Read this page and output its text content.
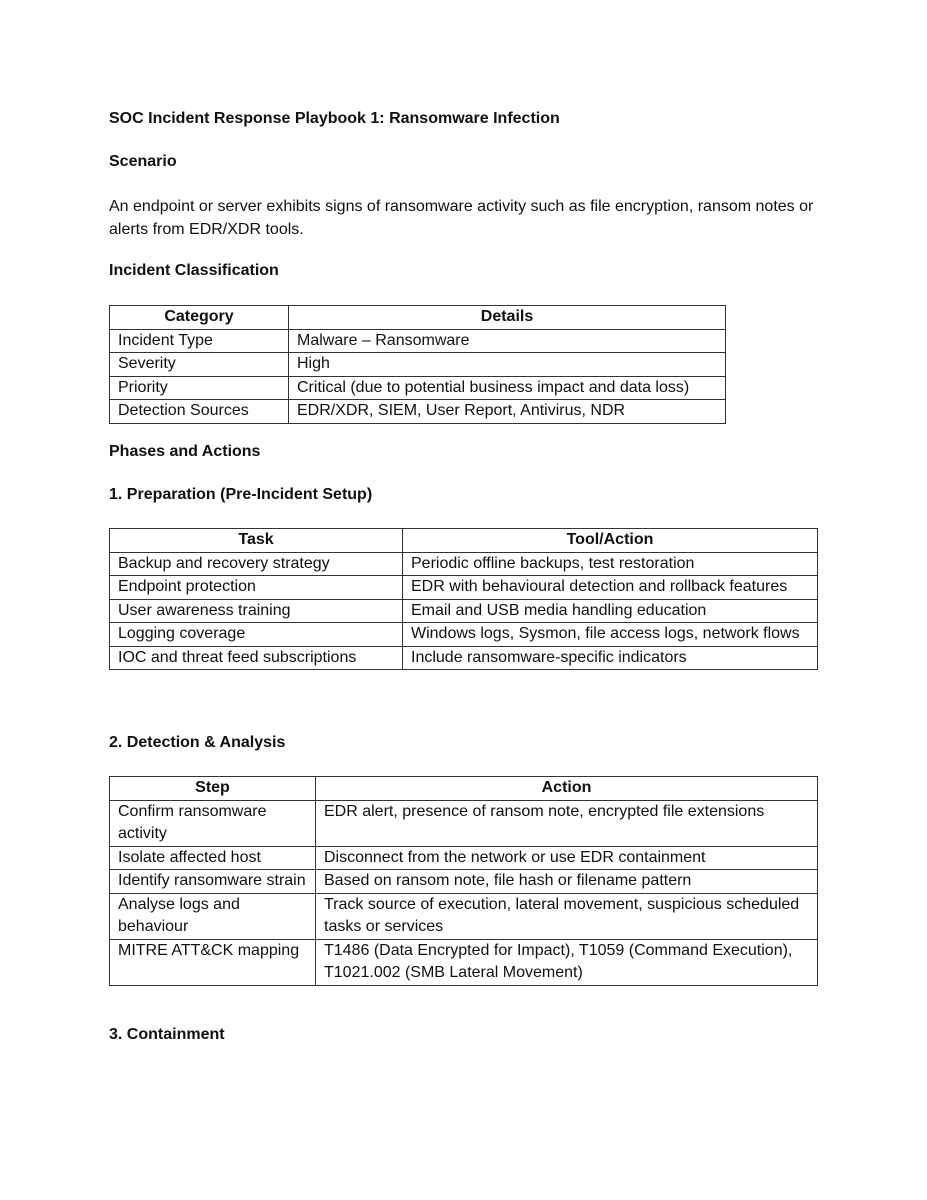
SOC Incident Response Playbook 1: Ransomware Infection
Scenario
An endpoint or server exhibits signs of ransomware activity such as file encryption, ransom notes or alerts from EDR/XDR tools.
Incident Classification
Category	Details
Incident Type	Malware – Ransomware
Severity	High
Priority	Critical (due to potential business impact and data loss)
Detection Sources	EDR/XDR, SIEM, User Report, Antivirus, NDR
Phases and Actions
1. Preparation (Pre-Incident Setup)
Task	Tool/Action
Backup and recovery strategy	Periodic offline backups, test restoration
Endpoint protection	EDR with behavioural detection and rollback features
User awareness training	Email and USB media handling education
Logging coverage	Windows logs, Sysmon, file access logs, network flows
IOC and threat feed subscriptions	Include ransomware-specific indicators
2. Detection & Analysis
Step	Action
Confirm ransomware activity	EDR alert, presence of ransom note, encrypted file extensions
Isolate affected host	Disconnect from the network or use EDR containment
Identify ransomware strain	Based on ransom note, file hash or filename pattern
Analyse logs and behaviour	Track source of execution, lateral movement, suspicious scheduled tasks or services
MITRE ATT&CK mapping	T1486 (Data Encrypted for Impact), T1059 (Command Execution), T1021.002 (SMB Lateral Movement)
3. Containment
